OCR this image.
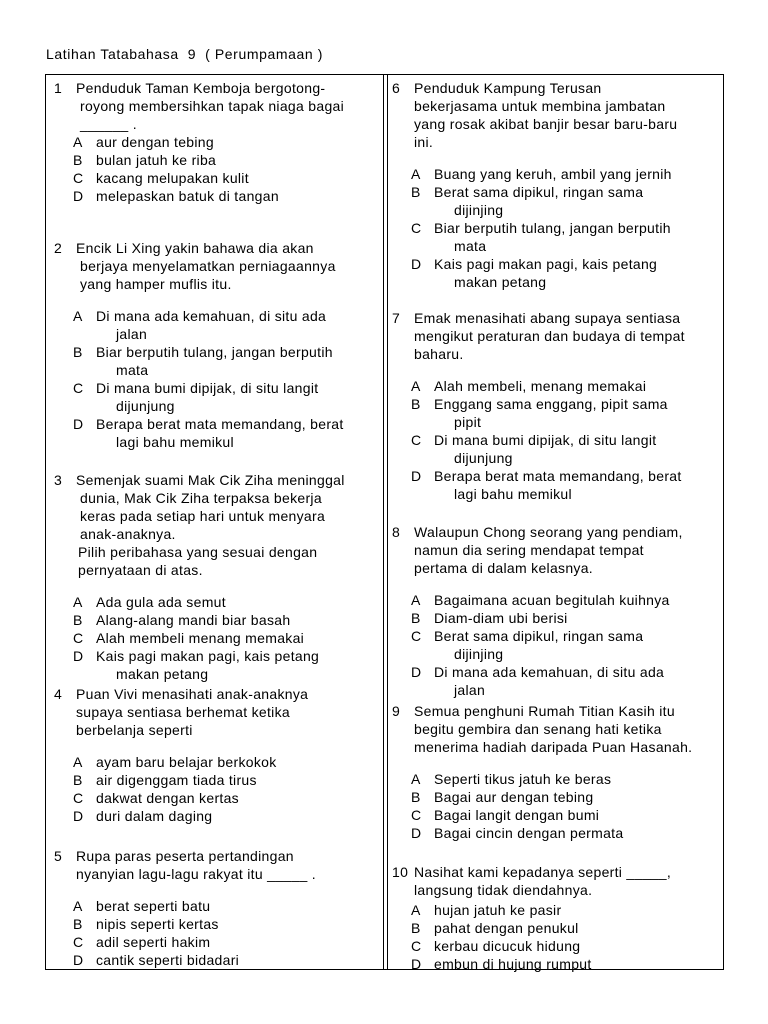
Latihan Tatabahasa  9  ( Perumpamaan )
1 Penduduk Taman Kemboja bergotong-
royong membersihkan tapak niaga bagai
______ .
A aur dengan tebing
B bulan jatuh ke riba
C kacang melupakan kulit
D melepaskan batuk di tangan
2 Encik Li Xing yakin bahawa dia akan
berjaya menyelamatkan perniagaannya
yang hamper muflis itu.
A Di mana ada kemahuan, di situ ada
jalan
B Biar berputih tulang, jangan berputih
mata
C Di mana bumi dipijak, di situ langit
dijunjung
D Berapa berat mata memandang, berat
lagi bahu memikul
3 Semenjak suami Mak Cik Ziha meninggal
dunia, Mak Cik Ziha terpaksa bekerja
keras pada setiap hari untuk menyara
anak-anaknya.
Pilih peribahasa yang sesuai dengan
pernyataan di atas.
A Ada gula ada semut
B Alang-alang mandi biar basah
C Alah membeli menang memakai
D Kais pagi makan pagi, kais petang
makan petang
4 Puan Vivi menasihati anak-anaknya
supaya sentiasa berhemat ketika
berbelanja seperti
A ayam baru belajar berkokok
B air digenggam tiada tirus
C dakwat dengan kertas
D duri dalam daging
5 Rupa paras peserta pertandingan
nyanyian lagu-lagu rakyat itu _____ .
A berat seperti batu
B nipis seperti kertas
C adil seperti hakim
D cantik seperti bidadari
6 Penduduk Kampung Terusan
bekerjasama untuk membina jambatan
yang rosak akibat banjir besar baru-baru
ini.
A Buang yang keruh, ambil yang jernih
B Berat sama dipikul, ringan sama
dijinjing
C Biar berputih tulang, jangan berputih
mata
D Kais pagi makan pagi, kais petang
makan petang
7 Emak menasihati abang supaya sentiasa
mengikut peraturan dan budaya di tempat
baharu.
A Alah membeli, menang memakai
B Enggang sama enggang, pipit sama
pipit
C Di mana bumi dipijak, di situ langit
dijunjung
D Berapa berat mata memandang, berat
lagi bahu memikul
8 Walaupun Chong seorang yang pendiam,
namun dia sering mendapat tempat
pertama di dalam kelasnya.
A Bagaimana acuan begitulah kuihnya
B Diam-diam ubi berisi
C Berat sama dipikul, ringan sama
dijinjing
D Di mana ada kemahuan, di situ ada
jalan
9 Semua penghuni Rumah Titian Kasih itu
begitu gembira dan senang hati ketika
menerima hadiah daripada Puan Hasanah.
A Seperti tikus jatuh ke beras
B Bagai aur dengan tebing
C Bagai langit dengan bumi
D Bagai cincin dengan permata
10 Nasihat kami kepadanya seperti _____,
langsung tidak diendahnya.
A hujan jatuh ke pasir
B pahat dengan penukul
C kerbau dicucuk hidung
D embun di hujung rumput
